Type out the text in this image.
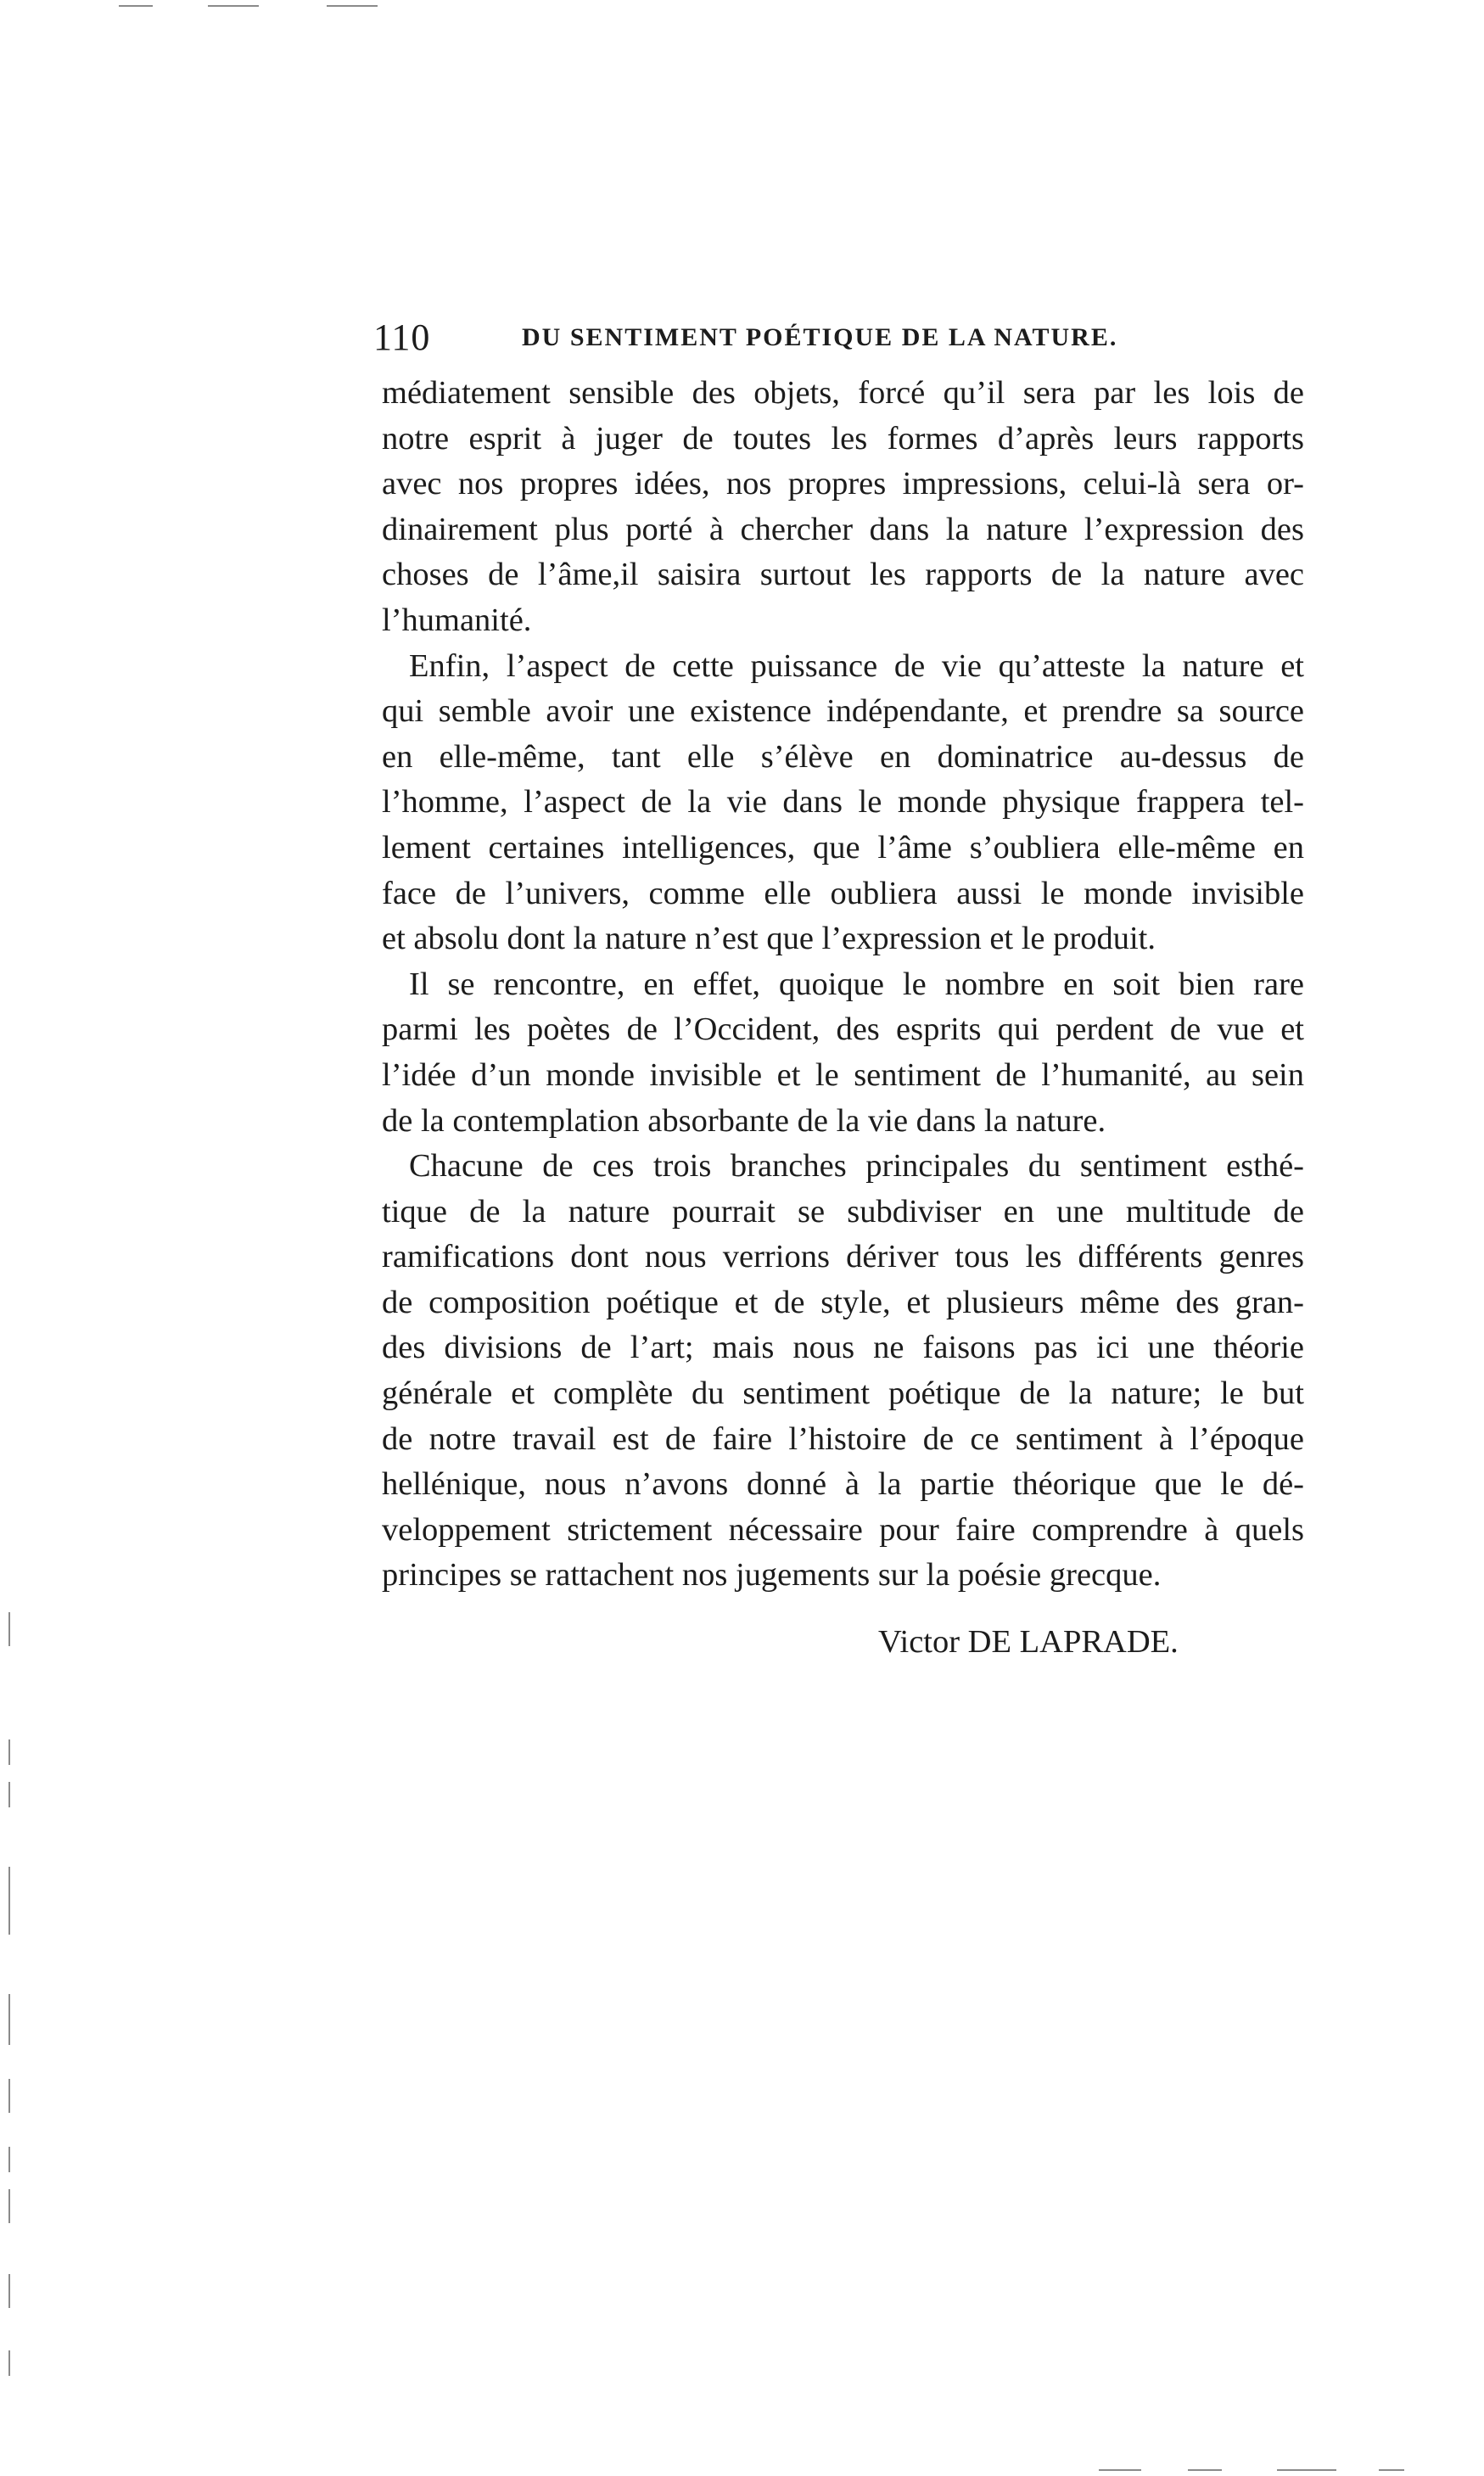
110	DU SENTIMENT POÉTIQUE DE LA NATURE.
médiatement sensible des objets, forcé qu’il sera par les lois de
notre esprit à juger de toutes les formes d’après leurs rapports
avec nos propres idées, nos propres impressions, celui-là sera or-
dinairement plus porté à chercher dans la nature l’expression des
choses de l’âme,il saisira surtout les rapports de la nature avec
l’humanité.
Enfin, l’aspect de cette puissance de vie qu’atteste la nature et
qui semble avoir une existence indépendante, et prendre sa source
en elle-même, tant elle s’élève en dominatrice au-dessus de
l’homme, l’aspect de la vie dans le monde physique frappera tel-
lement certaines intelligences, que l’âme s’oubliera elle-même en
face de l’univers, comme elle oubliera aussi le monde invisible
et absolu dont la nature n’est que l’expression et le produit.
Il se rencontre, en effet, quoique le nombre en soit bien rare
parmi les poètes de l’Occident, des esprits qui perdent de vue et
l’idée d’un monde invisible et le sentiment de l’humanité, au sein
de la contemplation absorbante de la vie dans la nature.
Chacune de ces trois branches principales du sentiment esthé-
tique de la nature pourrait se subdiviser en une multitude de
ramifications dont nous verrions dériver tous les différents genres
de composition poétique et de style, et plusieurs même des gran-
des divisions de l’art; mais nous ne faisons pas ici une théorie
générale et complète du sentiment poétique de la nature; le but
de notre travail est de faire l’histoire de ce sentiment à l’époque
hellénique, nous n’avons donné à la partie théorique que le dé-
veloppement strictement nécessaire pour faire comprendre à quels
principes se rattachent nos jugements sur la poésie grecque.
Victor DE LAPRADE.
